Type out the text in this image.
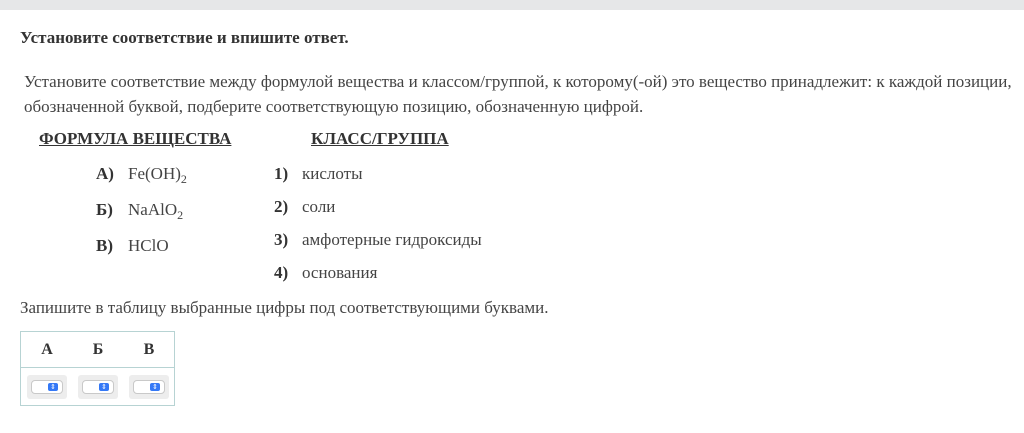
Установите соответствие и впишите ответ.
Установите соответствие между формулой вещества и классом/группой, к которому(-ой) это вещество принадлежит: к каждой позиции, обозначенной буквой, подберите соответствующую позицию, обозначенную цифрой.
ФОРМУЛА ВЕЩЕСТВА	КЛАСС/ГРУППА
А) $Fe(OH)_2$
Б) NaAlO$_2$
В) HClO
1) кислоты
2) соли
3) амфотерные гидроксиды
4) основания
Запишите в таблицу выбранные цифры под соответствующими буквами.
А Б	В
⇕	⇕	⇕
